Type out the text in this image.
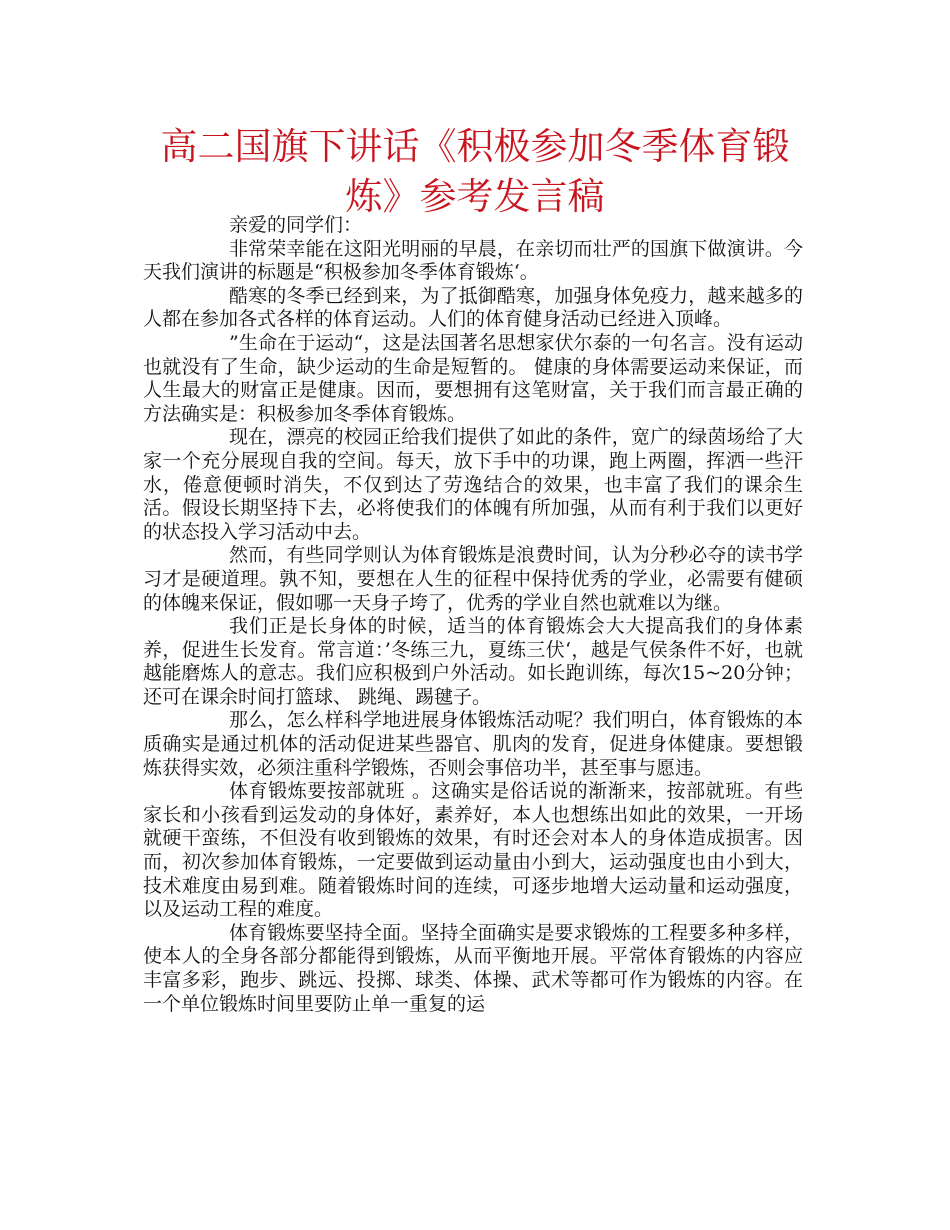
高二国旗下讲话《积极参加冬季体育锻
炼》参考发言稿

亲爱的同学们：

非常荣幸能在这阳光明丽的早晨，在亲切而壮严的国旗下做演讲。今天我们演讲的标题是“积极参加冬季体育锻炼‘。

酷寒的冬季已经到来，为了抵御酷寒，加强身体免疫力，越来越多的人都在参加各式各样的体育运动。人们的体育健身活动已经进入顶峰。

”生命在于运动“，这是法国著名思想家伏尔泰的一句名言。没有运动也就没有了生命，缺少运动的生命是短暂的。 健康的身体需要运动来保证，而人生最大的财富正是健康。因而，要想拥有这笔财富，关于我们而言最正确的方法确实是：积极参加冬季体育锻炼。

现在，漂亮的校园正给我们提供了如此的条件，宽广的绿茵场给了大家一个充分展现自我的空间。每天，放下手中的功课，跑上两圈，挥洒一些汗水，倦意便顿时消失，不仅到达了劳逸结合的效果，也丰富了我们的课余生活。假设长期坚持下去，必将使我们的体魄有所加强，从而有利于我们以更好的状态投入学习活动中去。

然而，有些同学则认为体育锻炼是浪费时间，认为分秒必夺的读书学习才是硬道理。孰不知，要想在人生的征程中保持优秀的学业，必需要有健硕的体魄来保证，假如哪一天身子垮了，优秀的学业自然也就难以为继。

我们正是长身体的时候，适当的体育锻炼会大大提高我们的身体素养，促进生长发育。常言道：’冬练三九，夏练三伏‘，越是气侯条件不好，也就越能磨炼人的意志。我们应积极到户外活动。如长跑训练，每次15~20分钟；还可在课余时间打篮球、 跳绳、踢毽子。

那么，怎么样科学地进展身体锻炼活动呢？我们明白，体育锻炼的本质确实是通过机体的活动促进某些器官、肌肉的发育，促进身体健康。要想锻炼获得实效，必须注重科学锻炼，否则会事倍功半，甚至事与愿违。

体育锻炼要按部就班 。这确实是俗话说的渐渐来，按部就班。有些家长和小孩看到运发动的身体好，素养好，本人也想练出如此的效果，一开场就硬干蛮练，不但没有收到锻炼的效果，有时还会对本人的身体造成损害。因而，初次参加体育锻炼，一定要做到运动量由小到大，运动强度也由小到大，技术难度由易到难。随着锻炼时间的连续，可逐步地增大运动量和运动强度，以及运动工程的难度。

体育锻炼要坚持全面。坚持全面确实是要求锻炼的工程要多种多样，使本人的全身各部分都能得到锻炼，从而平衡地开展。平常体育锻炼的内容应丰富多彩，跑步、跳远、投掷、球类、体操、武术等都可作为锻炼的内容。在一个单位锻炼时间里要防止单一重复的运
